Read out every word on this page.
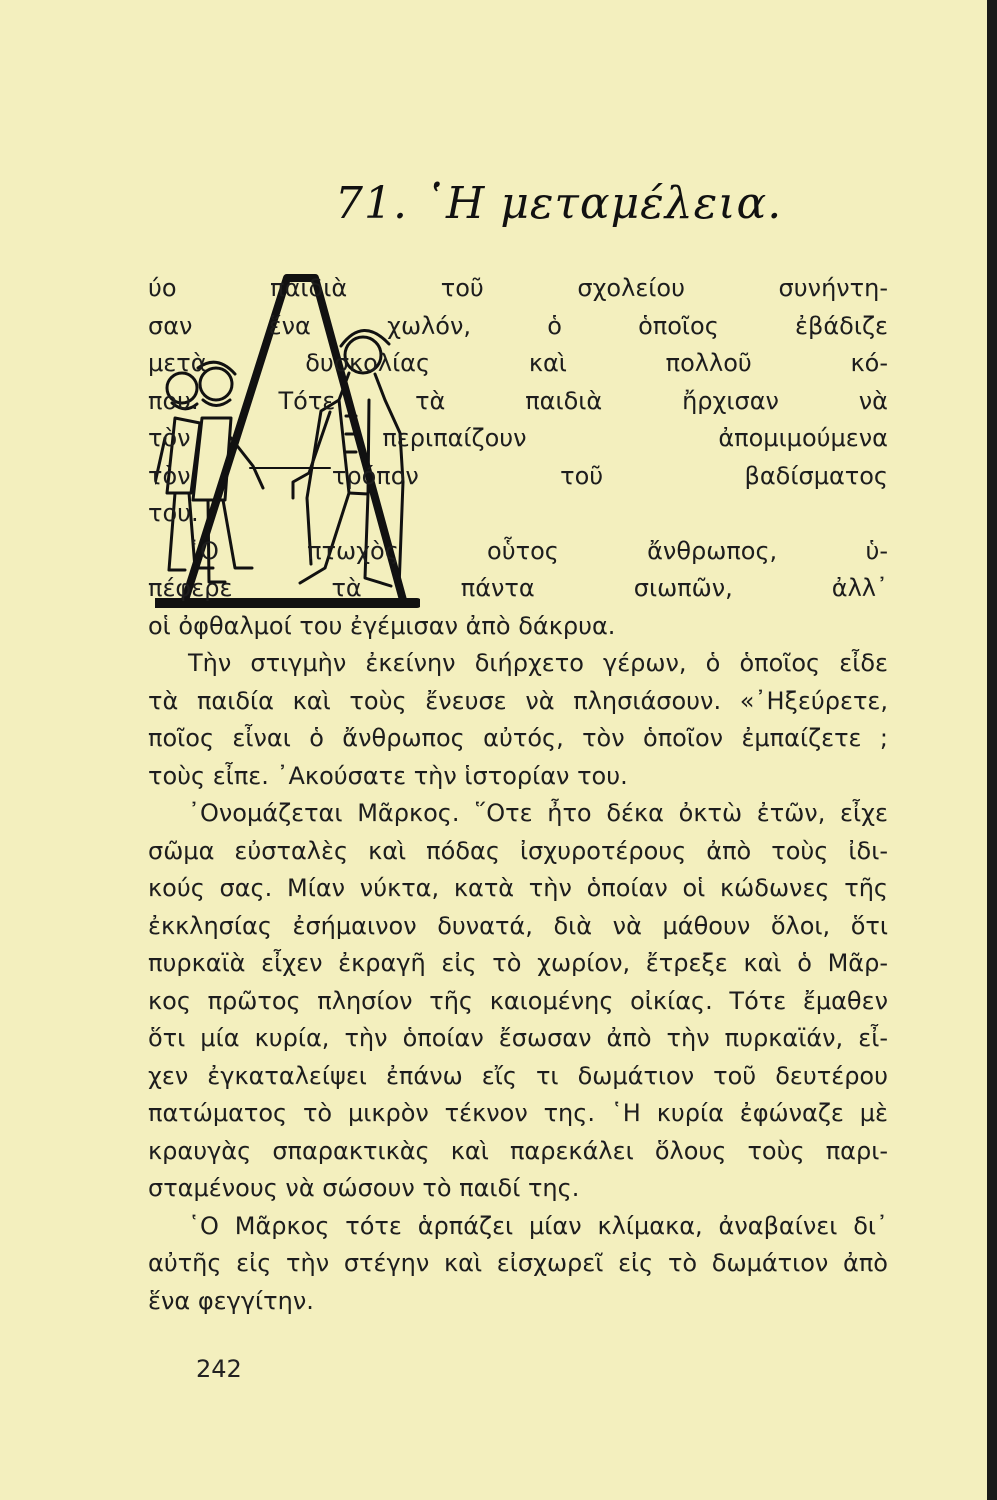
71. ῾Η μεταμέλεια.
ύο παιδιὰ τοῦ σχολείου συνήντη-
σαν ἕνα χωλόν, ὁ ὁποῖος ἐβάδιζε
μετὰ δυσκολίας καὶ πολλοῦ κό-
που. Τότε τὰ παιδιὰ ἤρχισαν νὰ
τὸν περιπαίζουν ἀπομιμούμενα
τὸν τρόπον τοῦ βαδίσματος
του.
῾Ο πτωχὸς οὗτος ἄνθρωπος, ὑ-
πέφερε τὰ πάντα σιωπῶν, ἀλλ᾽
οἱ ὀφθαλμοί του ἐγέμισαν ἀπὸ δάκρυα.
Τὴν στιγμὴν ἐκείνην διήρχετο γέρων, ὁ ὁποῖος εἶδε
τὰ παιδία καὶ τοὺς ἔνευσε νὰ πλησιάσουν. «᾿Ηξεύρετε,
ποῖος εἶναι ὁ ἄνθρωπος αὐτός, τὸν ὁποῖον ἐμπαίζετε ;
τοὺς εἶπε. ᾿Ακούσατε τὴν ἱστορίαν του.
᾿Ονομάζεται Μᾶρκος. ῞Οτε ἦτο δέκα ὀκτὼ ἐτῶν, εἶχε
σῶμα εὐσταλὲς καὶ πόδας ἰσχυροτέρους ἀπὸ τοὺς ἰδι-
κούς σας. Μίαν νύκτα, κατὰ τὴν ὁποίαν οἱ κώδωνες τῆς
ἐκκλησίας ἐσήμαινον δυνατά, διὰ νὰ μάθουν ὅλοι, ὅτι
πυρκαϊὰ εἶχεν ἐκραγῆ εἰς τὸ χωρίον, ἔτρεξε καὶ ὁ Μᾶρ-
κος πρῶτος πλησίον τῆς καιομένης οἰκίας. Τότε ἔμαθεν
ὅτι μία κυρία, τὴν ὁποίαν ἔσωσαν ἀπὸ τὴν πυρκαϊάν, εἶ-
χεν ἐγκαταλείψει ἐπάνω εἴς τι δωμάτιον τοῦ δευτέρου
πατώματος τὸ μικρὸν τέκνον της. ῾Η κυρία ἐφώναζε μὲ
κραυγὰς σπαρακτικὰς καὶ παρεκάλει ὅλους τοὺς παρι-
σταμένους νὰ σώσουν τὸ παιδί της.
῾Ο Μᾶρκος τότε ἁρπάζει μίαν κλίμακα, ἀναβαίνει δι᾽
αὐτῆς εἰς τὴν στέγην καὶ εἰσχωρεῖ εἰς τὸ δωμάτιον ἀπὸ
ἕνα φεγγίτην.
242
